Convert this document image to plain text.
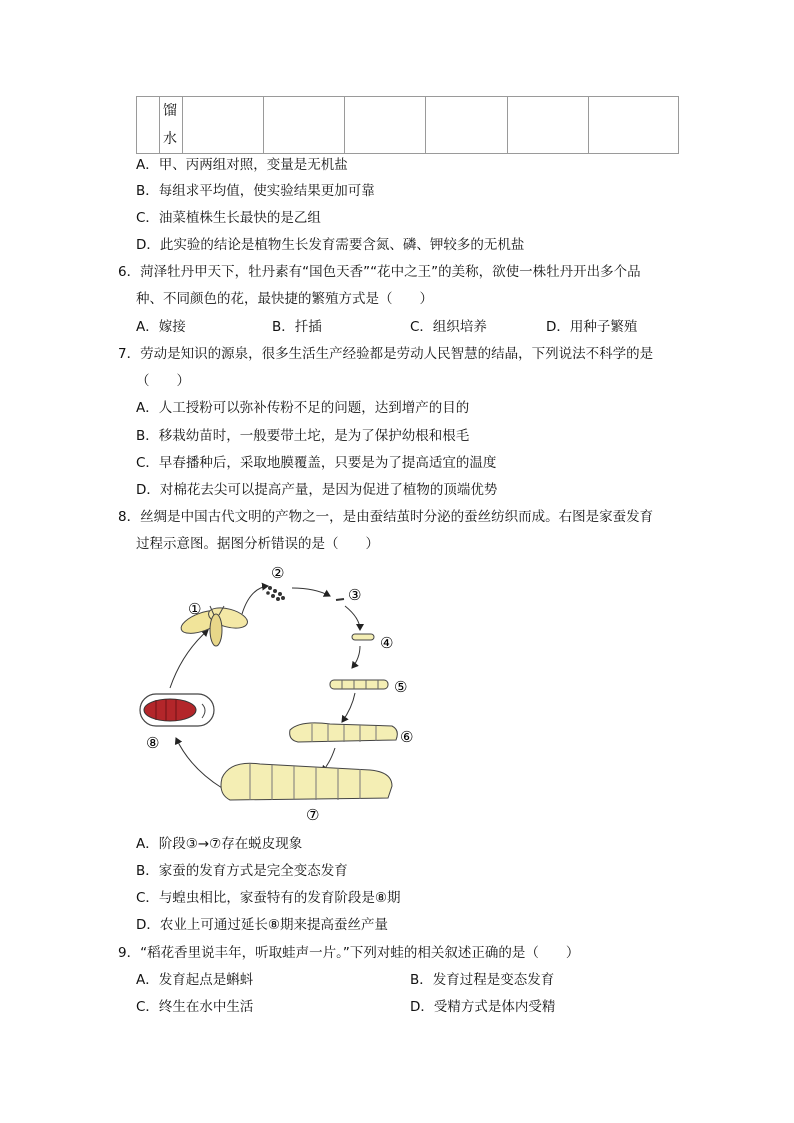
馏
水

A．甲、丙两组对照，变量是无机盐
B．每组求平均值，使实验结果更加可靠
C．油菜植株生长最快的是乙组
D．此实验的结论是植物生长发育需要含氮、磷、钾较多的无机盐
6．菏泽牡丹甲天下，牡丹素有“国色天香”“花中之王”的美称，欲使一株牡丹开出多个品
种、不同颜色的花，最快捷的繁殖方式是（　　）
A．嫁接	B．扦插	C．组织培养	D．用种子繁殖
7．劳动是知识的源泉，很多生活生产经验都是劳动人民智慧的结晶，下列说法不科学的是
（　　）
A．人工授粉可以弥补传粉不足的问题，达到增产的目的
B．移栽幼苗时，一般要带土坨，是为了保护幼根和根毛
C．早春播种后，采取地膜覆盖，只要是为了提高适宜的温度
D．对棉花去尖可以提高产量，是因为促进了植物的顶端优势
8．丝绸是中国古代文明的产物之一，是由蚕结茧时分泌的蚕丝纺织而成。右图是家蚕发育
过程示意图。据图分析错误的是（　　）
①
②
③
④
⑤
⑥
⑦
⑧
A．阶段③→⑦存在蜕皮现象
B．家蚕的发育方式是完全变态发育
C．与蝗虫相比，家蚕特有的发育阶段是⑧期
D．农业上可通过延长⑧期来提高蚕丝产量
9．“稻花香里说丰年，听取蛙声一片。”下列对蛙的相关叙述正确的是（　　）
A．发育起点是蝌蚪	B．发育过程是变态发育
C．终生在水中生活	D．受精方式是体内受精
